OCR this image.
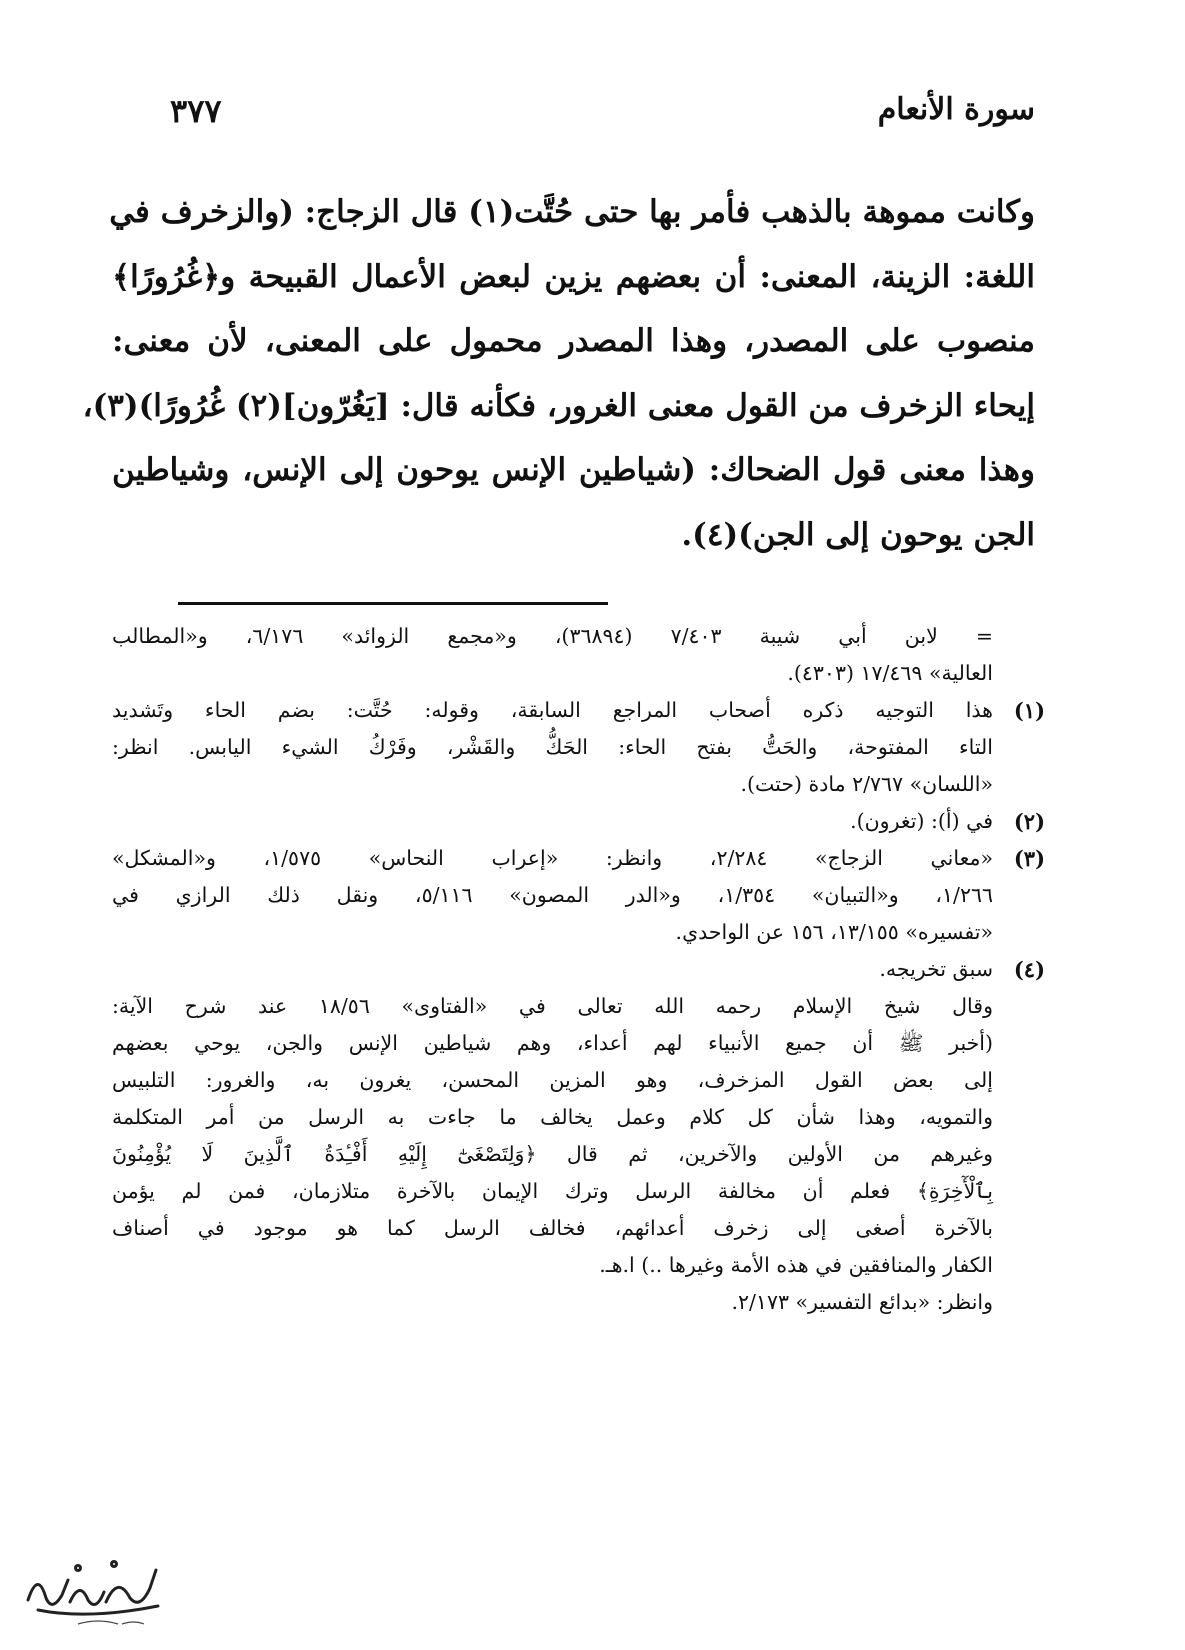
سورة الأنعام
٣٧٧
وكانت مموهة بالذهب فأمر بها حتى حُتَّت(١) قال الزجاج: (والزخرف في
اللغة: الزينة، المعنى: أن بعضهم يزين لبعض الأعمال القبيحة و﴿غُرُورًا﴾
منصوب على المصدر، وهذا المصدر محمول على المعنى، لأن معنى:
إيحاء الزخرف من القول معنى الغرور، فكأنه قال: [يَغُرّون](٢) غُرُورًا)(٣)،
وهذا معنى قول الضحاك: (شياطين الإنس يوحون إلى الإنس، وشياطين
الجن يوحون إلى الجن)(٤).
= لابن أبي شيبة ٧/٤٠٣ (٣٦٨٩٤)، و«مجمع الزوائد» ٦/١٧٦، و«المطالب
العالية» ١٧/٤٦٩ (٤٣٠٣).
(١)
هذا التوجيه ذكره أصحاب المراجع السابقة، وقوله: حُتَّت: بضم الحاء وتَشديد
التاء المفتوحة، والحَتُّ بفتح الحاء: الحَكُّ والقَشْر، وفَرْكُ الشيء اليابس. انظر:
«اللسان» ٢/٧٦٧ مادة (حتت).
(٢)
في (أ): (تغرون).
(٣)
«معاني الزجاج» ٢/٢٨٤، وانظر: «إعراب النحاس» ١/٥٧٥، و«المشكل»
١/٢٦٦، و«التبيان» ١/٣٥٤، و«الدر المصون» ٥/١١٦، ونقل ذلك الرازي في
«تفسيره» ١٣/١٥٥، ١٥٦ عن الواحدي.
(٤)
سبق تخريجه.
وقال شيخ الإسلام رحمه الله تعالى في «الفتاوى» ١٨/٥٦ عند شرح الآية:
(أخبر ﷺ أن جميع الأنبياء لهم أعداء، وهم شياطين الإنس والجن، يوحي بعضهم
إلى بعض القول المزخرف، وهو المزين المحسن، يغرون به، والغرور: التلبيس
والتمويه، وهذا شأن كل كلام وعمل يخالف ما جاءت به الرسل من أمر المتكلمة
وغيرهم من الأولين والآخرين، ثم قال ﴿وَلِتَصْغَىٰٓ إِلَيْهِ أَفْـِٔدَةُ ٱلَّذِينَ لَا يُؤْمِنُونَ
بِٱلْأٓخِرَةِ﴾ فعلم أن مخالفة الرسل وترك الإيمان بالآخرة متلازمان، فمن لم يؤمن
بالآخرة أصغى إلى زخرف أعدائهم، فخالف الرسل كما هو موجود في أصناف
الكفار والمنافقين في هذه الأمة وغيرها ..) ا.هـ.
وانظر: «بدائع التفسير» ٢/١٧٣.
